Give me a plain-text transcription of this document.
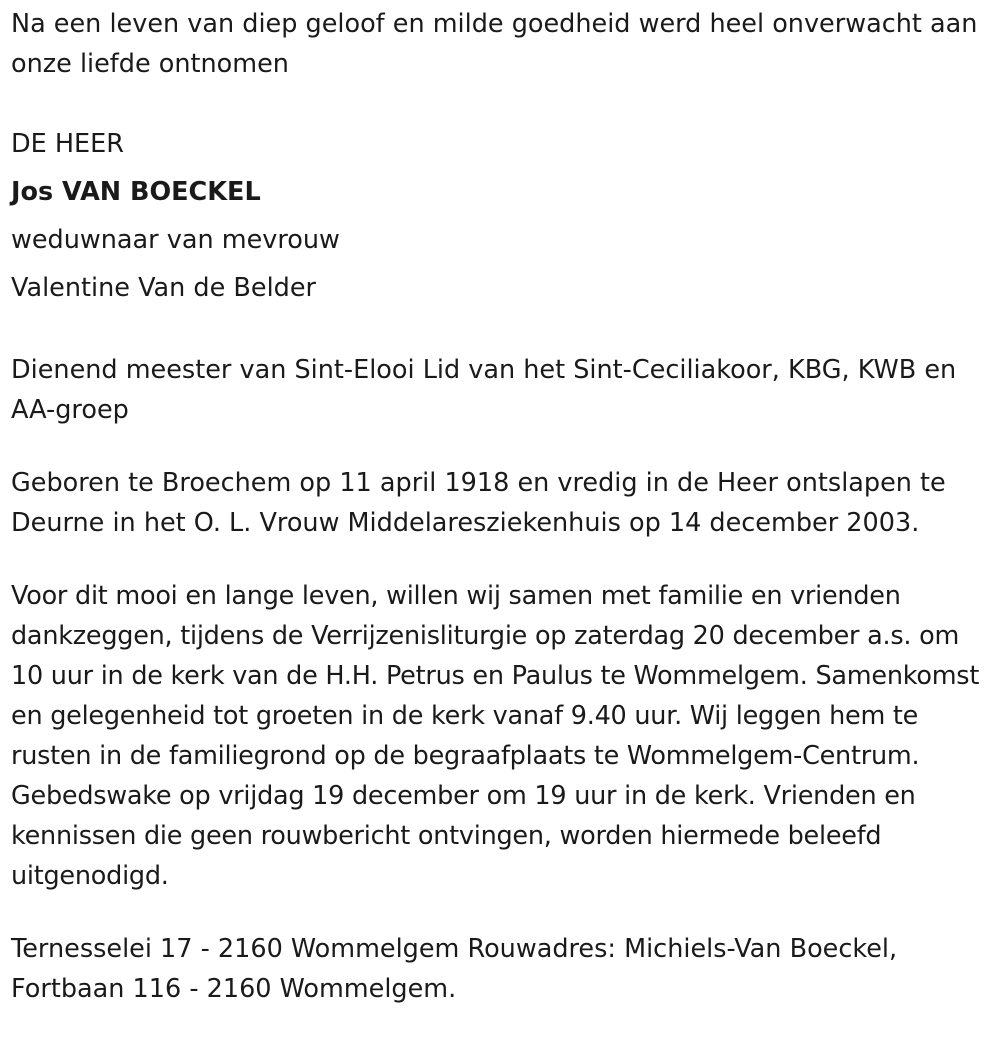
Na een leven van diep geloof en milde goedheid werd heel onverwacht aan onze liefde ontnomen

DE HEER

Jos VAN BOECKEL

weduwnaar van mevrouw

Valentine Van de Belder

Dienend meester van Sint-Elooi Lid van het Sint-Ceciliakoor, KBG, KWB en AA-groep

Geboren te Broechem op 11 april 1918 en vredig in de Heer ontslapen te Deurne in het O. L. Vrouw Middelaresziekenhuis op 14 december 2003.

Voor dit mooi en lange leven, willen wij samen met familie en vrienden dankzeggen, tijdens de Verrijzenisliturgie op zaterdag 20 december a.s. om 10 uur in de kerk van de H.H. Petrus en Paulus te Wommelgem. Samenkomst en gelegenheid tot groeten in de kerk vanaf 9.40 uur. Wij leggen hem te rusten in de familiegrond op de begraafplaats te Wommelgem-Centrum. Gebedswake op vrijdag 19 december om 19 uur in de kerk. Vrienden en kennissen die geen rouwbericht ontvingen, worden hiermede beleefd uitgenodigd.

Ternesselei 17 - 2160 Wommelgem Rouwadres: Michiels-Van Boeckel, Fortbaan 116 - 2160 Wommelgem.
